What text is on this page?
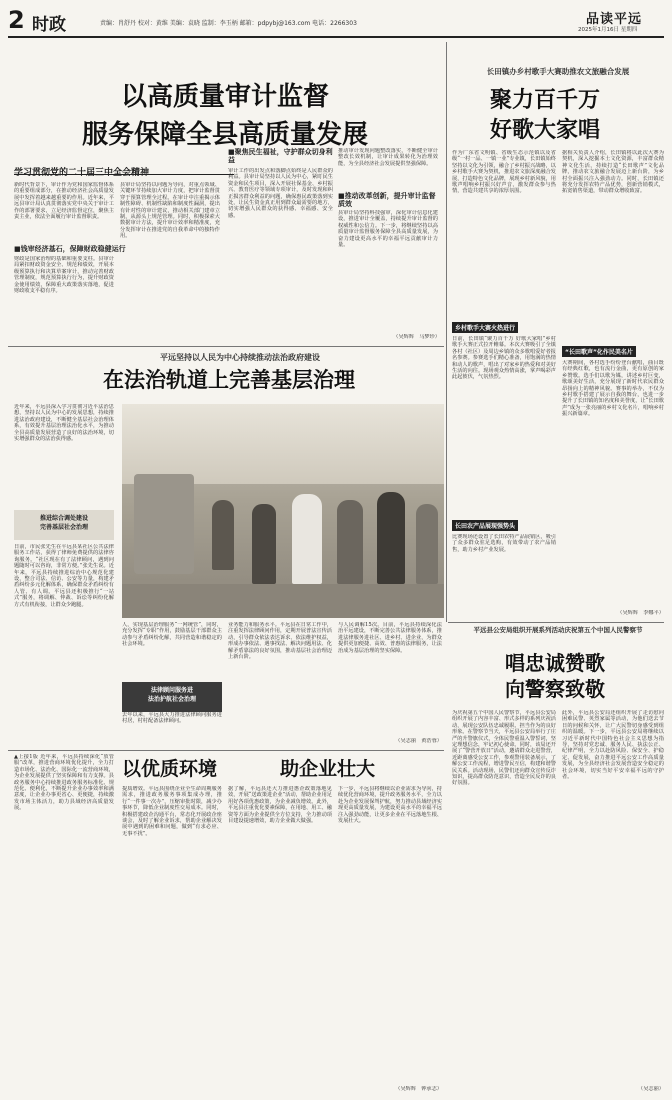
2 时政	责编：肖舒丹 校对：黄维 美编：袁晓 监制：李玉柄 邮箱：pdpybj@163.com 电话：2266303	品读平远
2025年1月16日 星期四
以高质量审计监督
服务保障全县高质量发展
学习贯彻党的二十届三中全会精神
新时代背景下，审计作为党和国家监督体系的重要组成部分，在推动经济社会高质量发展中发挥着越来越重要的作用。近年来，平远县审计局认真贯彻落实党中央关于审计工作的部署要求，立足经济监督定位，聚焦主责主业，依法全面履行审计监督职责。
■钱审经济基石，保障财政稳健运行
财政是国家治理的基础和重要支柱。县审计局紧扣财政资金安全、规范和绩效，开展本级预算执行和决算草案审计，推动完善财政管理制度，规范预算执行行为，提升财政资金使用绩效，保障重大政策落实落地，促进财政收支平稳有序。
县审计局坚持以问题为导向，对重点领域、关键环节持续加大审计力度，把审计监督贯穿于预算管理全过程。在审计中注重揭示体制性障碍、机制性缺陷和制度性漏洞，提出有针对性的审计建议，推动相关部门建章立制，从源头上规范管理。同时，积极探索大数据审计方法，提升审计效率和精准度，充分发挥审计在推进党的自我革命中的独特作用。
■聚焦民生福祉，守护群众切身利益
审计工作的出发点和落脚点始终是人民群众的利益。县审计局坚持以人民为中心，紧盯民生资金和民生项目，深入开展社保基金、乡村振兴、教育医疗等领域专项审计，及时发现和纠正损害群众利益的问题，确保惠民政策落到实处，让民生资金真正用到群众最需要的地方，切实增强人民群众的获得感、幸福感、安全感。
推动审计发现问题整改落实，不断健全审计整改长效机制，让审计成果转化为治理效能，为全县经济社会发展提供坚强保障。
■推动改革创新，提升审计监督质效
县审计局坚持科技强审，深化审计信息化建设，推进审计全覆盖，持续提升审计监督的权威性和公信力。下一步，将继续坚持以高质量审计监督服务保障全县高质量发展，为奋力建设更高水平的幸福平远贡献审计力量。
（吴辉辉　马梦珍）
长田镇办乡村歌手大赛助推农文旅融合发展
聚力百千万
好歌大家唱
作为广东省文明镇、省级生态示范镇以及省级“一村一品、一镇一业”专业镇，长田镇始终坚持以文化为引领，融合了乡村振兴战略，以乡村歌手大赛为契机，推进农文旅深度融合发展，打造特色文化品牌，展现乡村新风貌，用歌声唱响乡村振兴好声音，激发群众参与热情，营造共建共享的浓厚氛围。
乡村歌手大赛火热进行
日前，长田镇“聚力百千万 好歌大家唱”乡村歌手大赛正式拉开帷幕。本次大赛吸引了全镇各村（社区）及周边乡镇的众多歌唱爱好者报名参赛。参赛选手们精心准备，用饱满的热情和动人的歌声，唱出了对家乡的热爱和对美好生活的向往。现场观众热情高涨，掌声喝彩声此起彼伏，气氛热烈。
长田农产品展现强势头
比赛现场还设置了长田农特产品展销区，吸引了众多群众驻足选购，有效带动了农产品销售，助力乡村产业发展。
据相关负责人介绍，长田镇将以此次大赛为契机，深入挖掘本土文化资源，丰富群众精神文化生活，持续打造“长田歌声”文化品牌，推动农文旅融合发展迈上新台阶，为乡村全面振兴注入强劲动力。同时，长田镇还将充分发挥农特产品优势，创新营销模式，拓宽销售渠道，带动群众增收致富。
“长田歌声”化作民美名片
大赛期间，各村选手纷纷登台献唱，曲目既有经典红歌，也有流行金曲，更有原创的家乡赞歌。选手们以歌为媒，讲述乡村巨变，歌颂美好生活，充分展现了新时代农民群众昂扬向上的精神风貌。赛事的举办，不仅为乡村歌手搭建了展示自我的舞台，也进一步提升了长田镇的知名度和美誉度，让“长田歌声”成为一张亮丽的乡村文化名片，唱响乡村振兴新篇章。
（吴辉辉　李娜平）
平远坚持以人民为中心持续推动法治政府建设
在法治轨道上完善基层治理
近年来，平远县深入学习贯彻习近平法治思想，坚持以人民为中心的发展思想，持续推进法治政府建设，不断健全基层社会治理体系，有效提升基层治理法治化水平，为推动全县高质量发展营造了良好的法治环境，切实增强群众的法治获得感。
推进综合调处建设
完善基层社会治理
日前，市民张先生在平远县某社区公共法律服务工作站，获得了律师免费提供的法律咨询服务。“社区现在有了法律顾问，遇到问题随时可以咨询，非常方便。”张先生说。近年来，平远县持续推进综治中心规范化建设，整合司法、信访、公安等力量，构建矛盾纠纷多元化解体系，确保群众矛盾纠纷有人管、有人调。平远县还积极推行“一站式”服务，将调解、仲裁、诉讼等纠纷化解方式有机衔接，让群众少跑腿。
人，实现基层治理服务“一网统管”，同时，充分发挥“专职”作用，鼓励基层干部群众主动参与矛盾纠纷化解，共同营造和谐稳定的社会环境。
法律顾问服务进
法治护航社会治理
去年以来，平远县大力推进法律顾问服务进村居，村村配备法律顾问。
业务能力和服务水平。平远县在日常工作中，注重发挥法律顾问作用，定期开展普法宣传活动，引导群众依法表达诉求、依法维护权益，形成办事依法、遇事找法、解决问题用法、化解矛盾靠法的良好氛围，推动基层社会治理迈上新台阶。
与人民调解15次。目前，平远县持续深化法治平远建设，不断完善公共法律服务体系，推进法律服务进社区、进乡村、进企业，为群众提供更加便捷、高效、普惠的法律服务，让法治成为基层治理的坚实保障。
（吴志丽　黄浩蓉）
平远县公安局组织开展系列活动庆祝第五个中国人民警察节
唱忠诚赞歌
向警察致敬
为庆祝第五个中国人民警察节，平远县公安局组织开展了内容丰富、形式多样的系列庆祝活动，展现公安队伍忠诚履职、担当作为的良好形象。在警察节当天，平远县公安局举行了庄严的升警旗仪式，全体民警重温入警誓词，坚定理想信念，牢记初心使命。同时，该局还开展了“警营开放日”活动，邀请群众走进警营，近距离感受公安工作，参观警用装备展示，了解公安工作流程，增进警民互信，构建和谐警民关系。活动现场，民警们还向群众宣传反诈知识，提高群众防范意识，营造全民反诈的良好氛围。
此外，平远县公安局还组织开展了走访慰问困难民警、英烈家属等活动，为他们送去节日的问候和关怀，让广大民警切身感受到组织的温暖。下一步，平远县公安局将继续以习近平新时代中国特色社会主义思想为指导，坚持对党忠诚、服务人民、执法公正、纪律严明，全力以赴防风险、保安全、护稳定、促发展，奋力推进平远公安工作高质量发展，为全县经济社会发展营造安全稳定的社会环境，切实当好平安幸福平远的守护者。
（吴志丽）
▲上接1版 近年来，平远县持续深化“放管服”改革，推进营商环境优化提升，全力打造市场化、法治化、国际化一流营商环境，为企业发展提供了坚实保障和有力支撑。县政务服务中心持续推进政务服务标准化、规范化、便利化，不断提升企业办事效率和满意度，让企业办事更省心、更便捷，持续激发市场主体活力，助力县域经济高质量发展。
以优质环境	助企业壮大
提质增效。平远县围绕企业全生命周期服务需求，推进政务服务事项集成办理，推行“一件事一次办”，压缩审批时限，减少办事环节，降低企业制度性交易成本。同时，积极搭建政企沟通平台，常态化开展政企座谈会，及时了解企业诉求，帮助企业解决发展中遇到的困难和问题，做到“有求必应、无事不扰”。
据了解，平远县还大力推进惠企政策落地见效，开展“送政策进企业”活动，帮助企业用足用好各项优惠政策，为企业减负增效。此外，平远县注重优化要素保障，在用地、用工、融资等方面为企业提供全方位支持，全力推动项目建设提速增效，助力企业做大做强。
下一步，平远县将继续以企业需求为导向，持续优化营商环境，提升政务服务水平，全力以赴为企业发展保驾护航，努力推动县域经济实现更高质量发展，为建设更高水平的幸福平远注入强劲动能，让更多企业在平远落地生根、发展壮大。
（吴辉辉　钟承志）
